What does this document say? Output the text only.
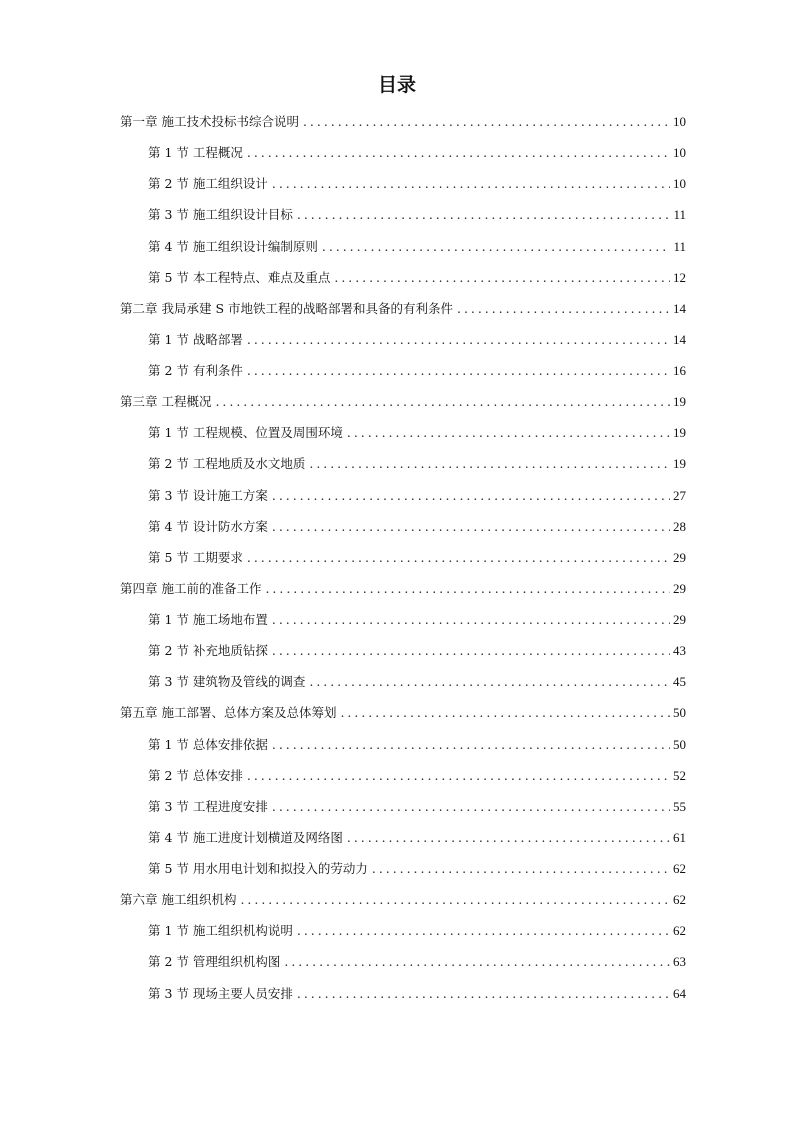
目录
第一章 施工技术投标书综合说明 . . .	10
第 1 节 工程概况 . . .	10
第 2 节 施工组织设计 . . .	10
第 3 节 施工组织设计目标 . . .	11
第 4 节 施工组织设计编制原则 . . .	11
第 5 节 本工程特点、难点及重点 . . .	12
第二章 我局承建 S 市地铁工程的战略部署和具备的有利条件 . . .	14
第 1 节 战略部署 . . .	14
第 2 节 有利条件 . . .	16
第三章 工程概况 . . .	19
第 1 节 工程规模、位置及周围环境 . . .	19
第 2 节 工程地质及水文地质 . . .	19
第 3 节 设计施工方案 . . .	27
第 4 节 设计防水方案 . . .	28
第 5 节 工期要求 . . .	29
第四章 施工前的准备工作 . . .	29
第 1 节 施工场地布置 . . .	29
第 2 节 补充地质钻探 . . .	43
第 3 节 建筑物及管线的调查 . . .	45
第五章 施工部署、总体方案及总体筹划 . . .	50
第 1 节 总体安排依据 . . .	50
第 2 节 总体安排 . . .	52
第 3 节 工程进度安排 . . .	55
第 4 节 施工进度计划横道及网络图 . . .	61
第 5 节 用水用电计划和拟投入的劳动力 . . .	62
第六章 施工组织机构 . . .	62
第 1 节 施工组织机构说明 . . .	62
第 2 节 管理组织机构图 . . .	63
第 3 节 现场主要人员安排 . . .	64
